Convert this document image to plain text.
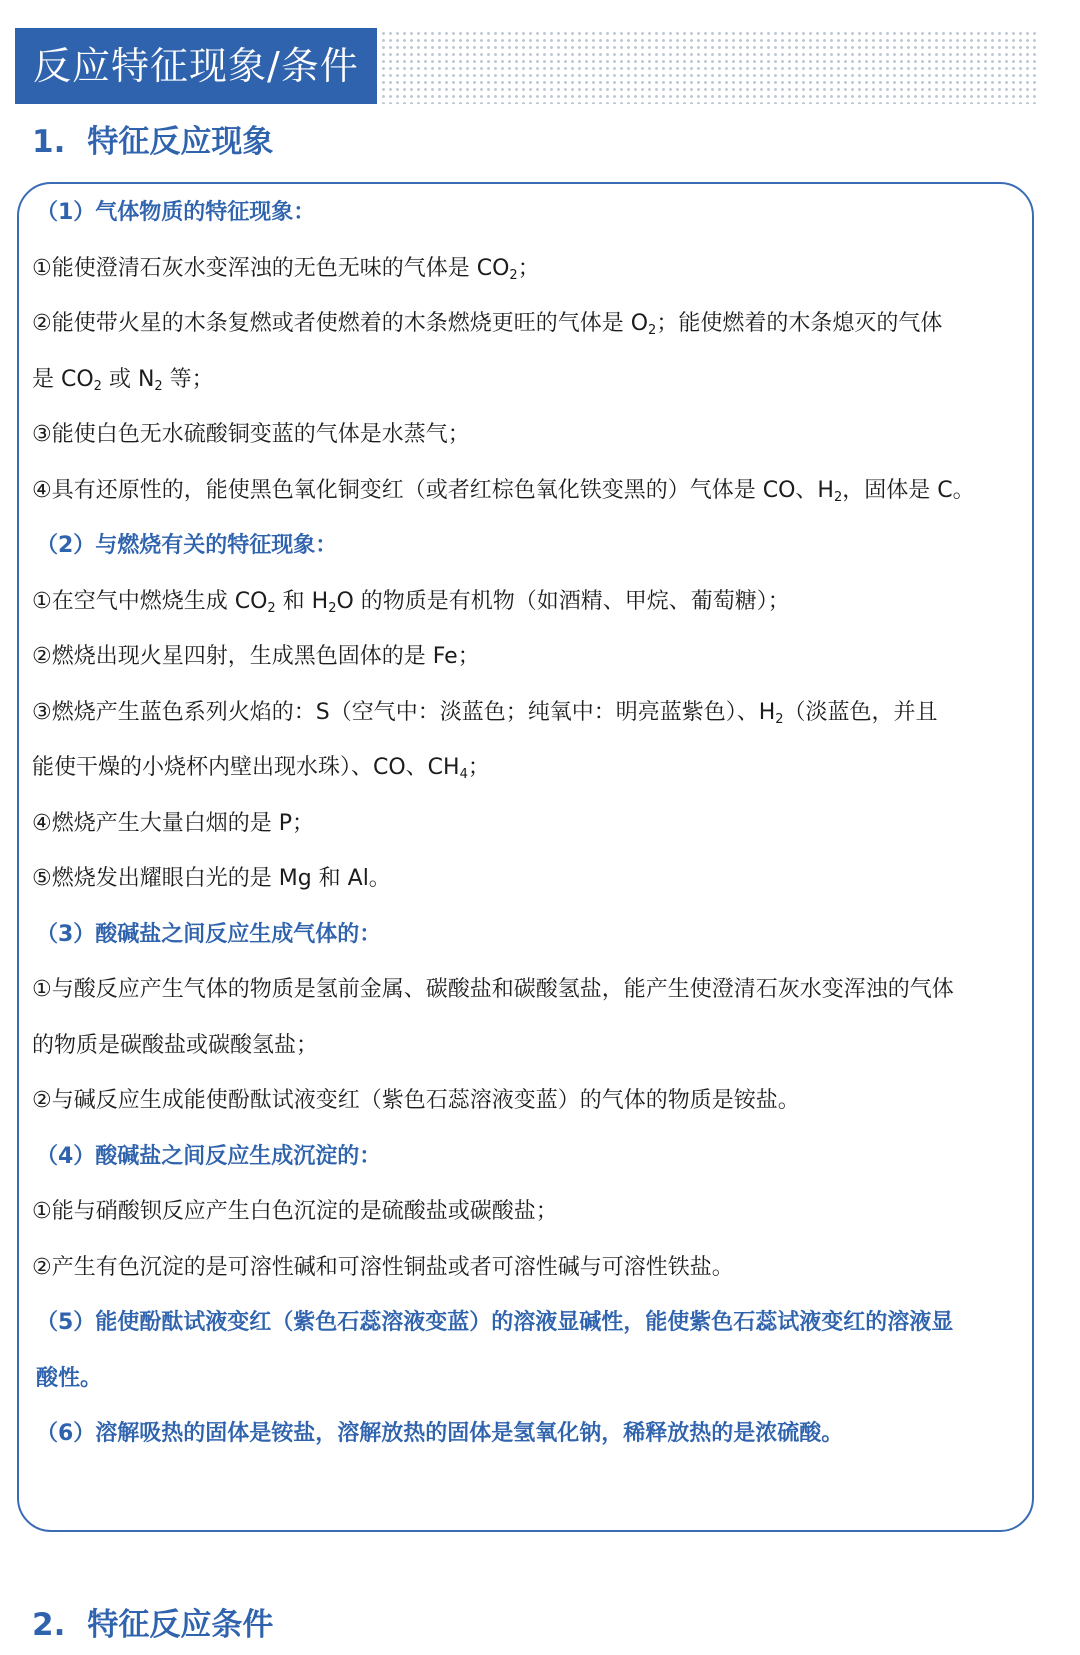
反应特征现象/条件
1. 特征反应现象
（1）气体物质的特征现象：
①能使澄清石灰水变浑浊的无色无味的气体是 $CO_2$；
②能使带火星的木条复燃或者使燃着的木条燃烧更旺的气体是 $O_2$；能使燃着的木条熄灭的气体
是 $CO_2$ 或 $N_2$ 等；
③能使白色无水硫酸铜变蓝的气体是水蒸气；
④具有还原性的，能使黑色氧化铜变红（或者红棕色氧化铁变黑的）气体是 CO、$H_2$，固体是 C。
（2）与燃烧有关的特征现象：
①在空气中燃烧生成 $CO_2$ 和 $H_2O$ 的物质是有机物（如酒精、甲烷、葡萄糖）；
②燃烧出现火星四射，生成黑色固体的是 Fe；
③燃烧产生蓝色系列火焰的：S（空气中：淡蓝色；纯氧中：明亮蓝紫色）、$H_2$（淡蓝色，并且
能使干燥的小烧杯内壁出现水珠）、CO、$CH_4$；
④燃烧产生大量白烟的是 P；
⑤燃烧发出耀眼白光的是 Mg 和 Al。
（3）酸碱盐之间反应生成气体的：
①与酸反应产生气体的物质是氢前金属、碳酸盐和碳酸氢盐，能产生使澄清石灰水变浑浊的气体
的物质是碳酸盐或碳酸氢盐；
②与碱反应生成能使酚酞试液变红（紫色石蕊溶液变蓝）的气体的物质是铵盐。
（4）酸碱盐之间反应生成沉淀的：
①能与硝酸钡反应产生白色沉淀的是硫酸盐或碳酸盐；
②产生有色沉淀的是可溶性碱和可溶性铜盐或者可溶性碱与可溶性铁盐。
（5）能使酚酞试液变红（紫色石蕊溶液变蓝）的溶液显碱性，能使紫色石蕊试液变红的溶液显
酸性。
（6）溶解吸热的固体是铵盐，溶解放热的固体是氢氧化钠，稀释放热的是浓硫酸。
2. 特征反应条件
